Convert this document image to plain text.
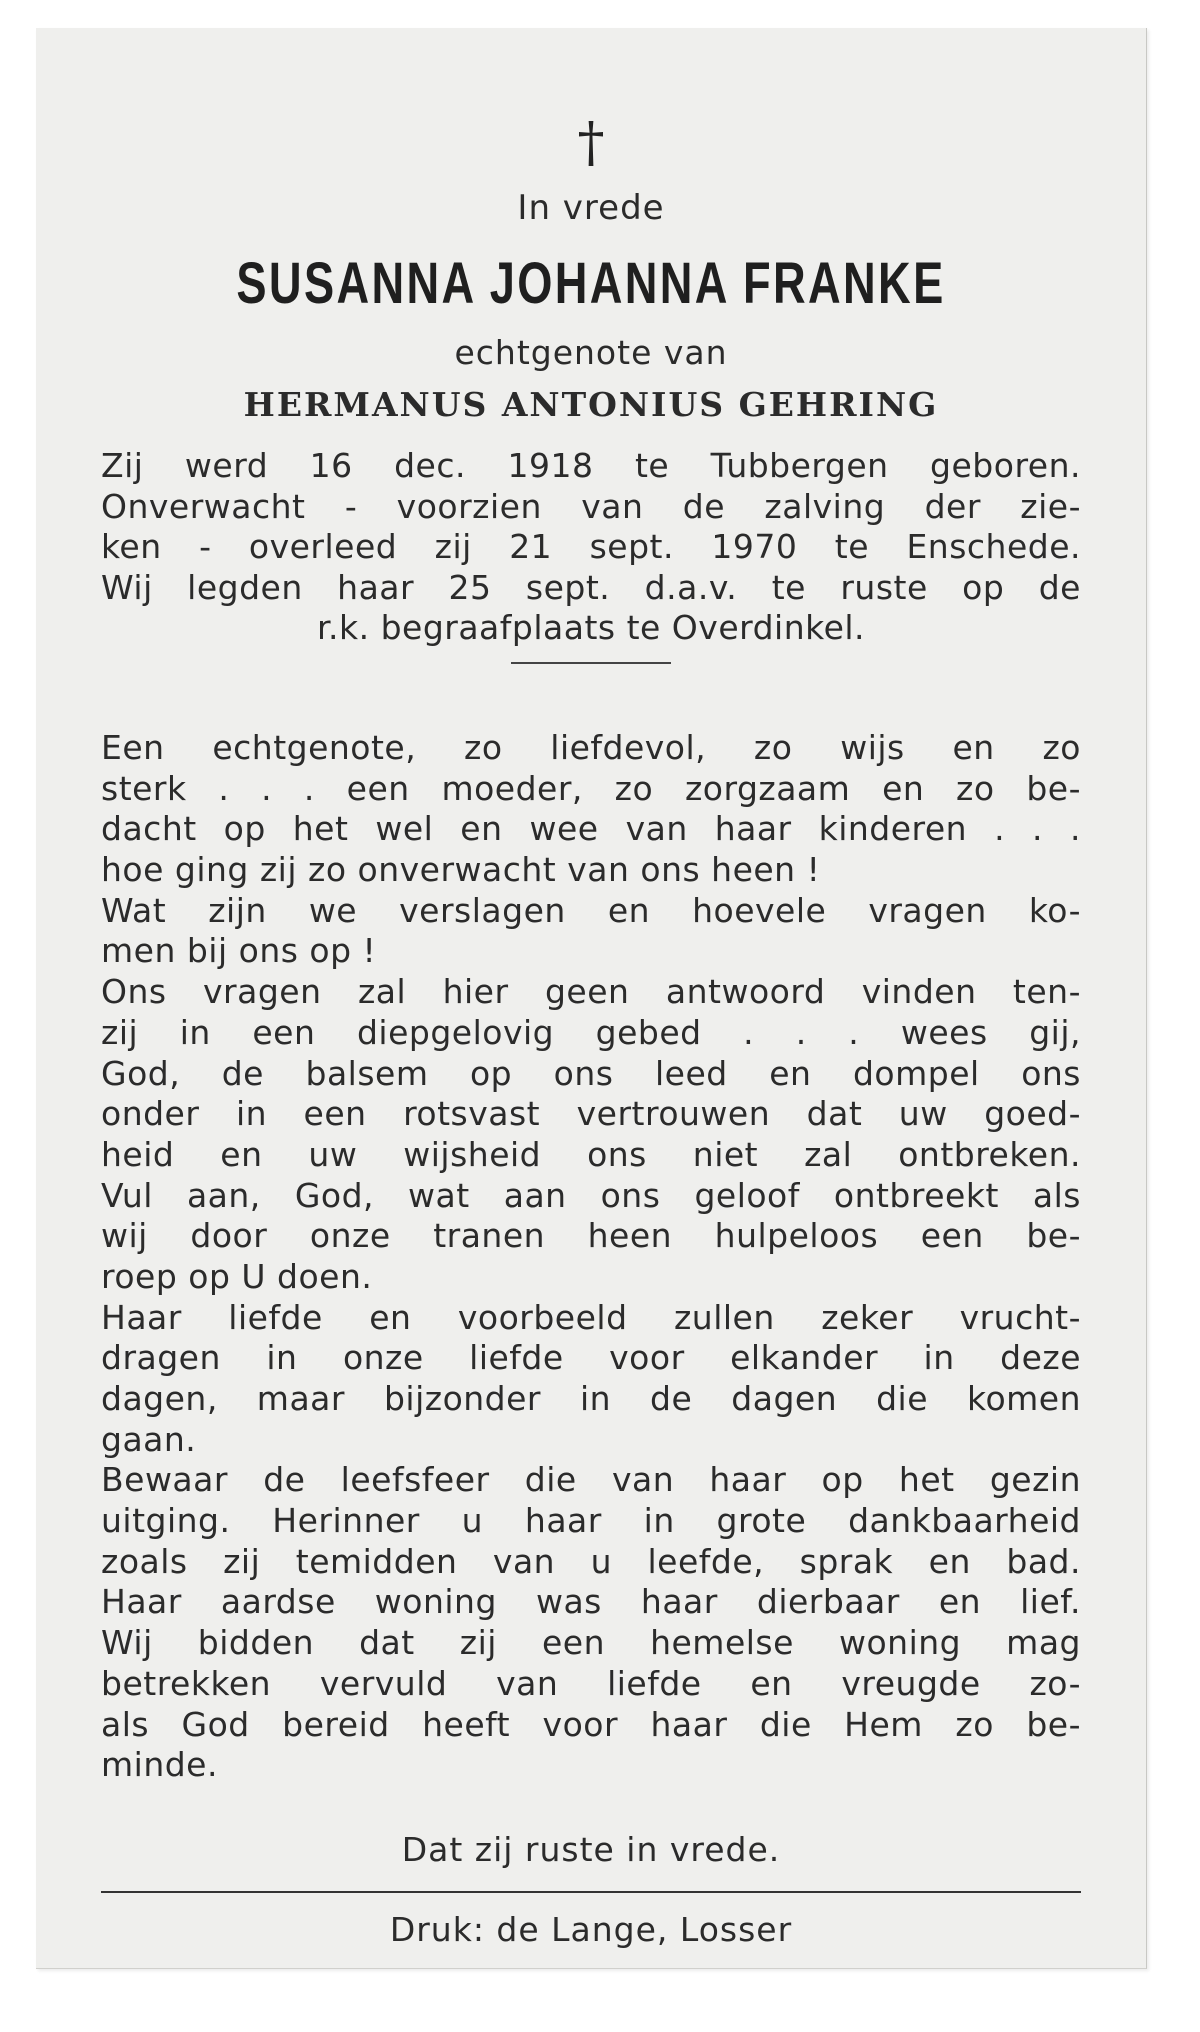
†
In vrede
SUSANNA JOHANNA FRANKE
echtgenote van
HERMANUS ANTONIUS GEHRING
Zij werd 16 dec. 1918 te Tubbergen geboren.
Onverwacht - voorzien van de zalving der zie-
ken - overleed zij 21 sept. 1970 te Enschede.
Wij legden haar 25 sept. d.a.v. te ruste op de
r.k. begraafplaats te Overdinkel.
Een echtgenote, zo liefdevol, zo wijs en zo
sterk . . . een moeder, zo zorgzaam en zo be-
dacht op het wel en wee van haar kinderen . . .
hoe ging zij zo onverwacht van ons heen !
Wat zijn we verslagen en hoevele vragen ko-
men bij ons op !
Ons vragen zal hier geen antwoord vinden ten-
zij in een diepgelovig gebed . . . wees gij,
God, de balsem op ons leed en dompel ons
onder in een rotsvast vertrouwen dat uw goed-
heid en uw wijsheid ons niet zal ontbreken.
Vul aan, God, wat aan ons geloof ontbreekt als
wij door onze tranen heen hulpeloos een be-
roep op U doen.
Haar liefde en voorbeeld zullen zeker vrucht-
dragen in onze liefde voor elkander in deze
dagen, maar bijzonder in de dagen die komen
gaan.
Bewaar de leefsfeer die van haar op het gezin
uitging. Herinner u haar in grote dankbaarheid
zoals zij temidden van u leefde, sprak en bad.
Haar aardse woning was haar dierbaar en lief.
Wij bidden dat zij een hemelse woning mag
betrekken vervuld van liefde en vreugde zo-
als God bereid heeft voor haar die Hem zo be-
minde.
Dat zij ruste in vrede.
Druk: de Lange, Losser
